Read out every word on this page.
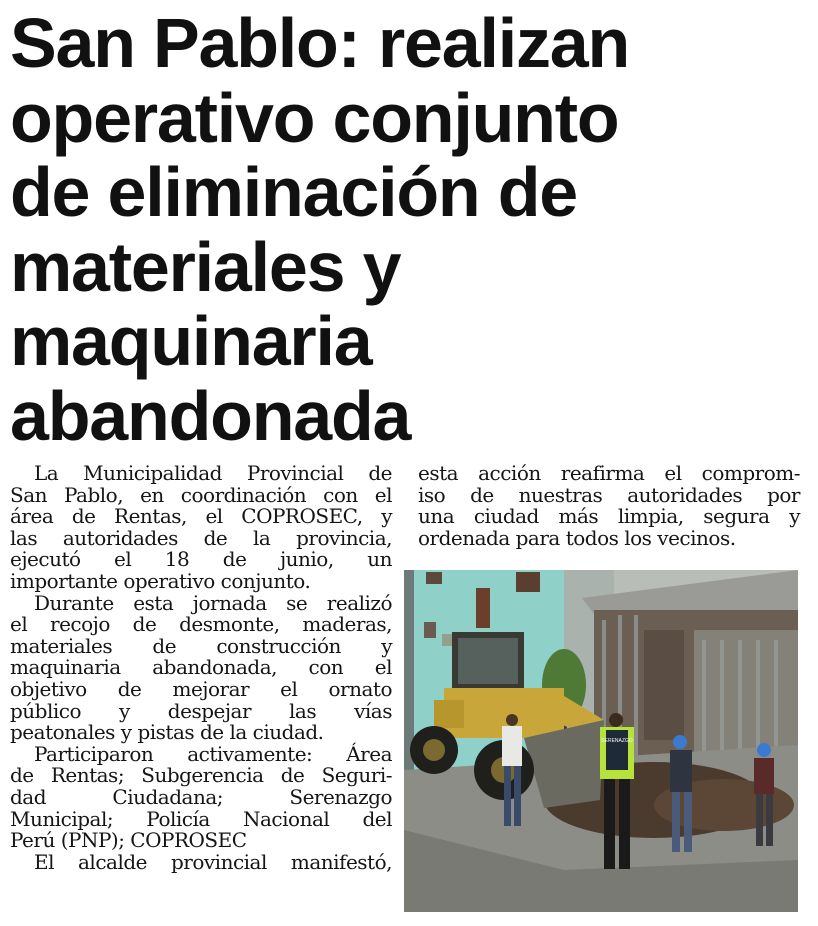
San Pablo: realizan
operativo conjunto
de eliminación de
materiales y
maquinaria
abandonada
La Municipalidad Provincial de
San Pablo, en coordinación con el
área de Rentas, el COPROSEC, y
las autoridades de la provincia,
ejecutó el 18 de junio, un
importante operativo conjunto.
Durante esta jornada se realizó
el recojo de desmonte, maderas,
materiales de construcción y
maquinaria abandonada, con el
objetivo de mejorar el ornato
público y despejar las vías
peatonales y pistas de la ciudad.
Participaron activamente: Área
de Rentas; Subgerencia de Seguri-
dad Ciudadana; Serenazgo
Municipal; Policía Nacional del
Perú (PNP); COPROSEC
El alcalde provincial manifestó,
esta acción reafirma el comprom-
iso de nuestras autoridades por
una ciudad más limpia, segura y
ordenada para todos los vecinos.
SERENAZGO
